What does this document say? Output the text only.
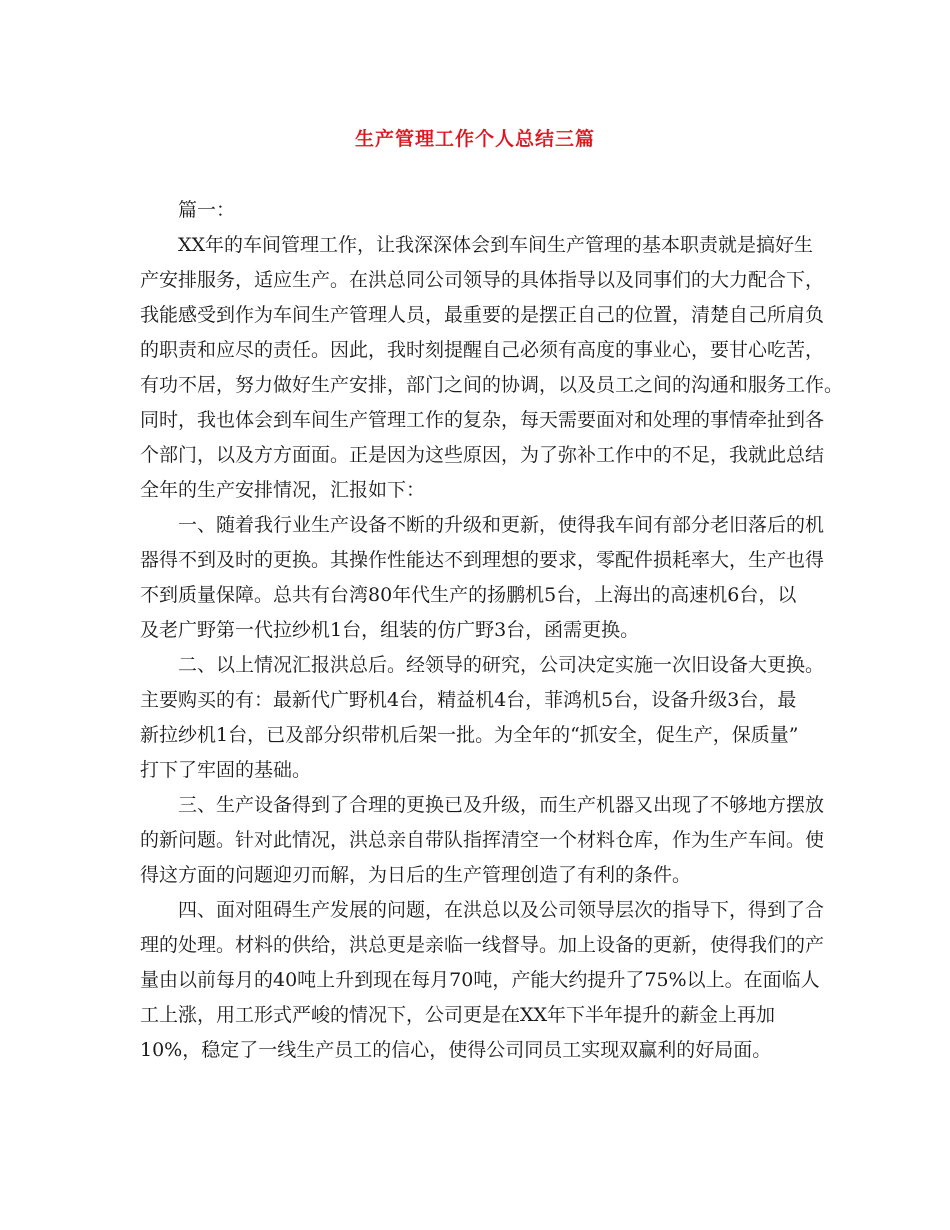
生产管理工作个人总结三篇

篇一：

XX年的车间管理工作，让我深深体会到车间生产管理的基本职责就是搞好生
产安排服务，适应生产。在洪总同公司领导的具体指导以及同事们的大力配合下，
我能感受到作为车间生产管理人员，最重要的是摆正自己的位置，清楚自己所肩负
的职责和应尽的责任。因此，我时刻提醒自己必须有高度的事业心，要甘心吃苦，
有功不居，努力做好生产安排，部门之间的协调，以及员工之间的沟通和服务工作。
同时，我也体会到车间生产管理工作的复杂，每天需要面对和处理的事情牵扯到各
个部门，以及方方面面。正是因为这些原因，为了弥补工作中的不足，我就此总结
全年的生产安排情况，汇报如下：

一、随着我行业生产设备不断的升级和更新，使得我车间有部分老旧落后的机
器得不到及时的更换。其操作性能达不到理想的要求，零配件损耗率大，生产也得
不到质量保障。总共有台湾80年代生产的扬鹏机5台，上海出的高速机6台，以
及老广野第一代拉纱机1台，组装的仿广野3台，函需更换。

二、以上情况汇报洪总后。经领导的研究，公司决定实施一次旧设备大更换。
主要购买的有：最新代广野机4台，精益机4台，菲鸿机5台，设备升级3台，最
新拉纱机1台，已及部分织带机后架一批。为全年的“抓安全，促生产，保质量”
打下了牢固的基础。

三、生产设备得到了合理的更换已及升级，而生产机器又出现了不够地方摆放
的新问题。针对此情况，洪总亲自带队指挥清空一个材料仓库，作为生产车间。使
得这方面的问题迎刃而解，为日后的生产管理创造了有利的条件。

四、面对阻碍生产发展的问题，在洪总以及公司领导层次的指导下，得到了合
理的处理。材料的供给，洪总更是亲临一线督导。加上设备的更新，使得我们的产
量由以前每月的40吨上升到现在每月70吨，产能大约提升了75%以上。在面临人
工上涨，用工形式严峻的情况下，公司更是在XX年下半年提升的薪金上再加
10%，稳定了一线生产员工的信心，使得公司同员工实现双赢利的好局面。
